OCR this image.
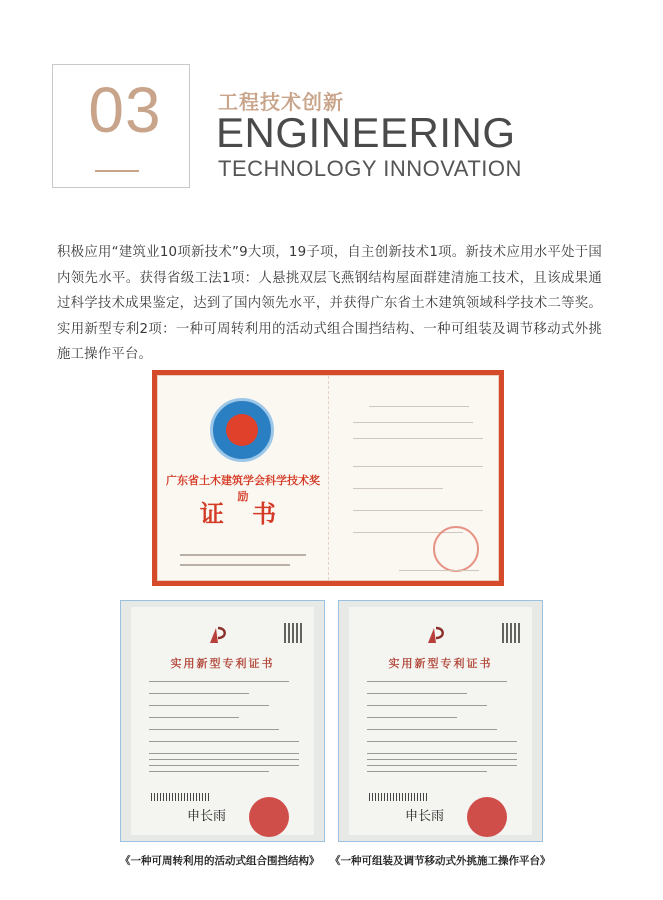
03	工程技术创新
ENGINEERING
TECHNOLOGY INNOVATION
积极应用“建筑业10项新技术”9大项，19子项，自主创新技术1项。新技术应用水平处于国内领先水平。获得省级工法1项：人悬挑双层飞燕钢结构屋面群建清施工技术，且该成果通过科学技术成果鉴定，达到了国内领先水平，并获得广东省土木建筑领域科学技术二等奖。实用新型专利2项：一种可周转利用的活动式组合围挡结构、一种可组装及调节移动式外挑施工操作平台。
广东省土木建筑学会科学技术奖励
证 书
实用新型专利证书
申长雨
《一种可周转利用的活动式组合围挡结构》
实用新型专利证书
申长雨
《一种可组装及调节移动式外挑施工操作平台》
